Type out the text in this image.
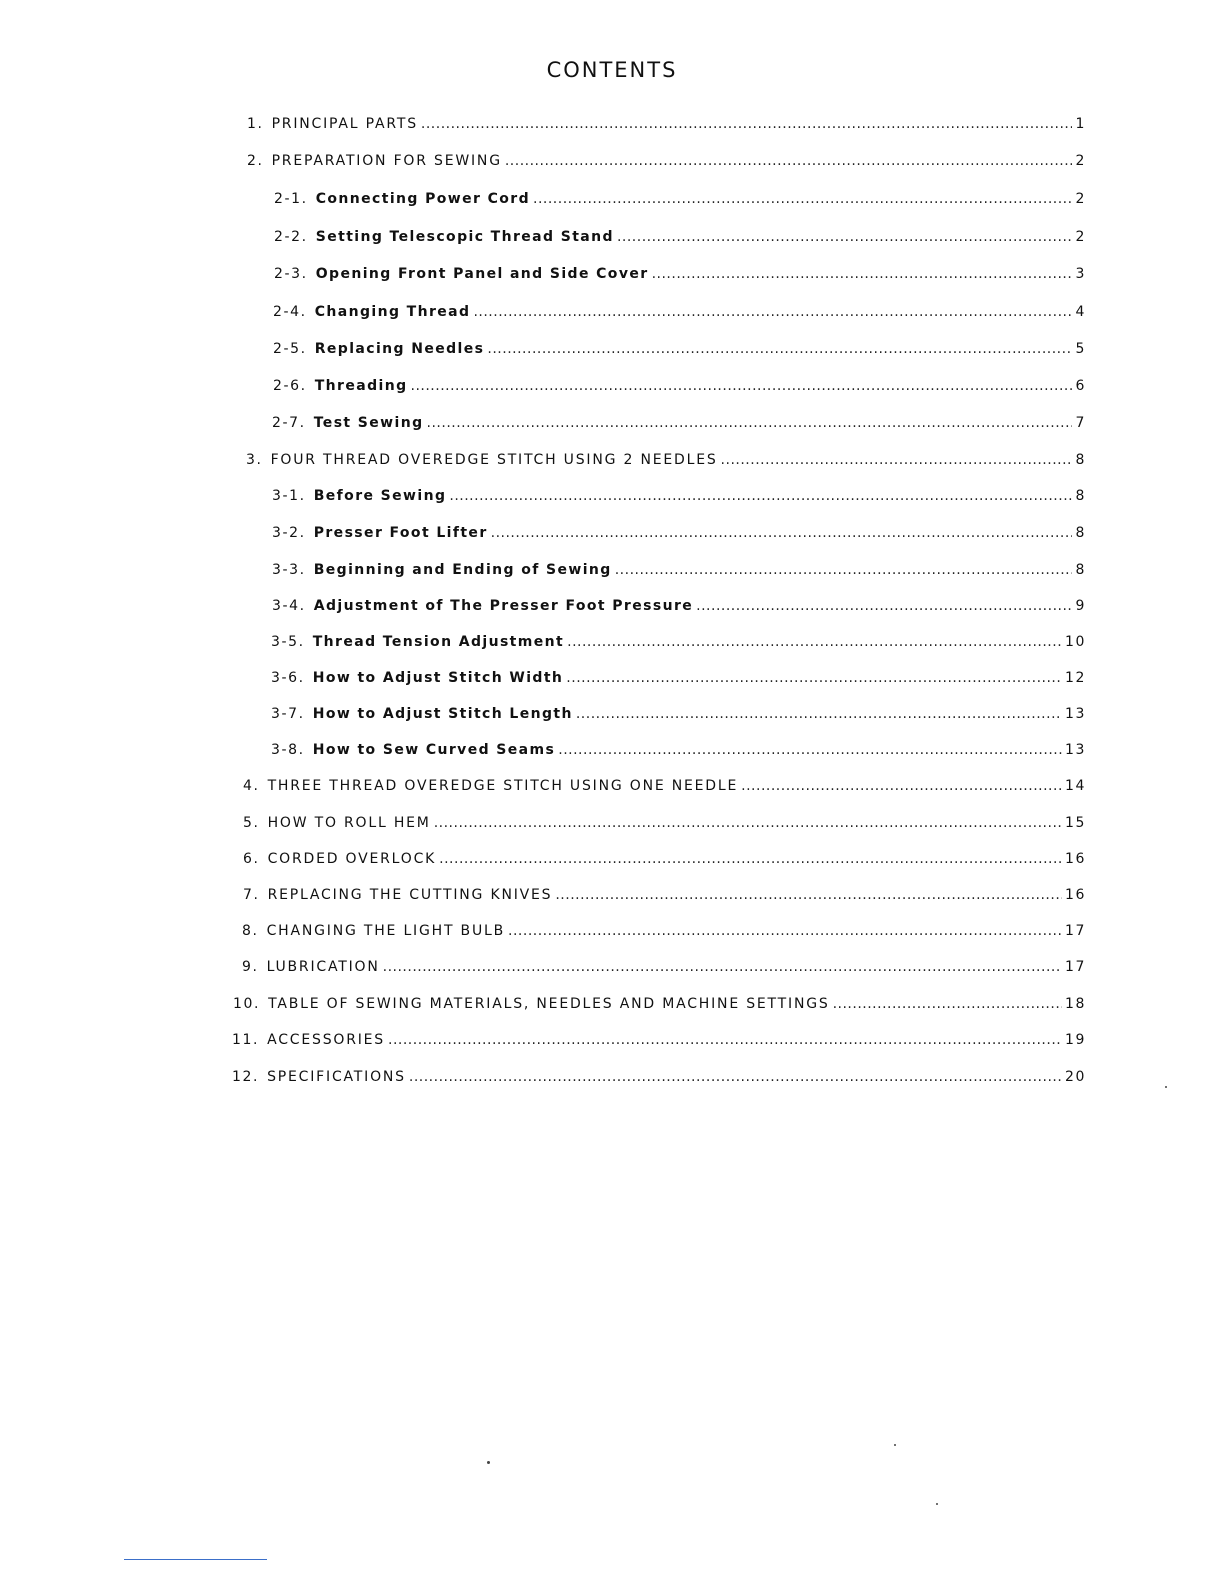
CONTENTS
1. PRINCIPAL PARTS .....	1
2. PREPARATION FOR SEWING .....	2
2-1. Connecting Power Cord .....	2
2-2. Setting Telescopic Thread Stand .....	2
2-3. Opening Front Panel and Side Cover .....	3
2-4. Changing Thread .....	4
2-5. Replacing Needles .....	5
2-6. Threading .....	6
2-7. Test Sewing .....	7
3. FOUR THREAD OVEREDGE STITCH USING 2 NEEDLES .....	8
3-1. Before Sewing .....	8
3-2. Presser Foot Lifter .....	8
3-3. Beginning and Ending of Sewing .....	8
3-4. Adjustment of The Presser Foot Pressure .....	9
3-5. Thread Tension Adjustment .....	10
3-6. How to Adjust Stitch Width .....	12
3-7. How to Adjust Stitch Length .....	13
3-8. How to Sew Curved Seams .....	13
4. THREE THREAD OVEREDGE STITCH USING ONE NEEDLE .....	14
5. HOW TO ROLL HEM .....	15
6. CORDED OVERLOCK .....	16
7. REPLACING THE CUTTING KNIVES .....	16
8. CHANGING THE LIGHT BULB .....	17
9. LUBRICATION .....	17
10. TABLE OF SEWING MATERIALS, NEEDLES AND MACHINE SETTINGS .....	18
11. ACCESSORIES .....	19
12. SPECIFICATIONS .....	20
